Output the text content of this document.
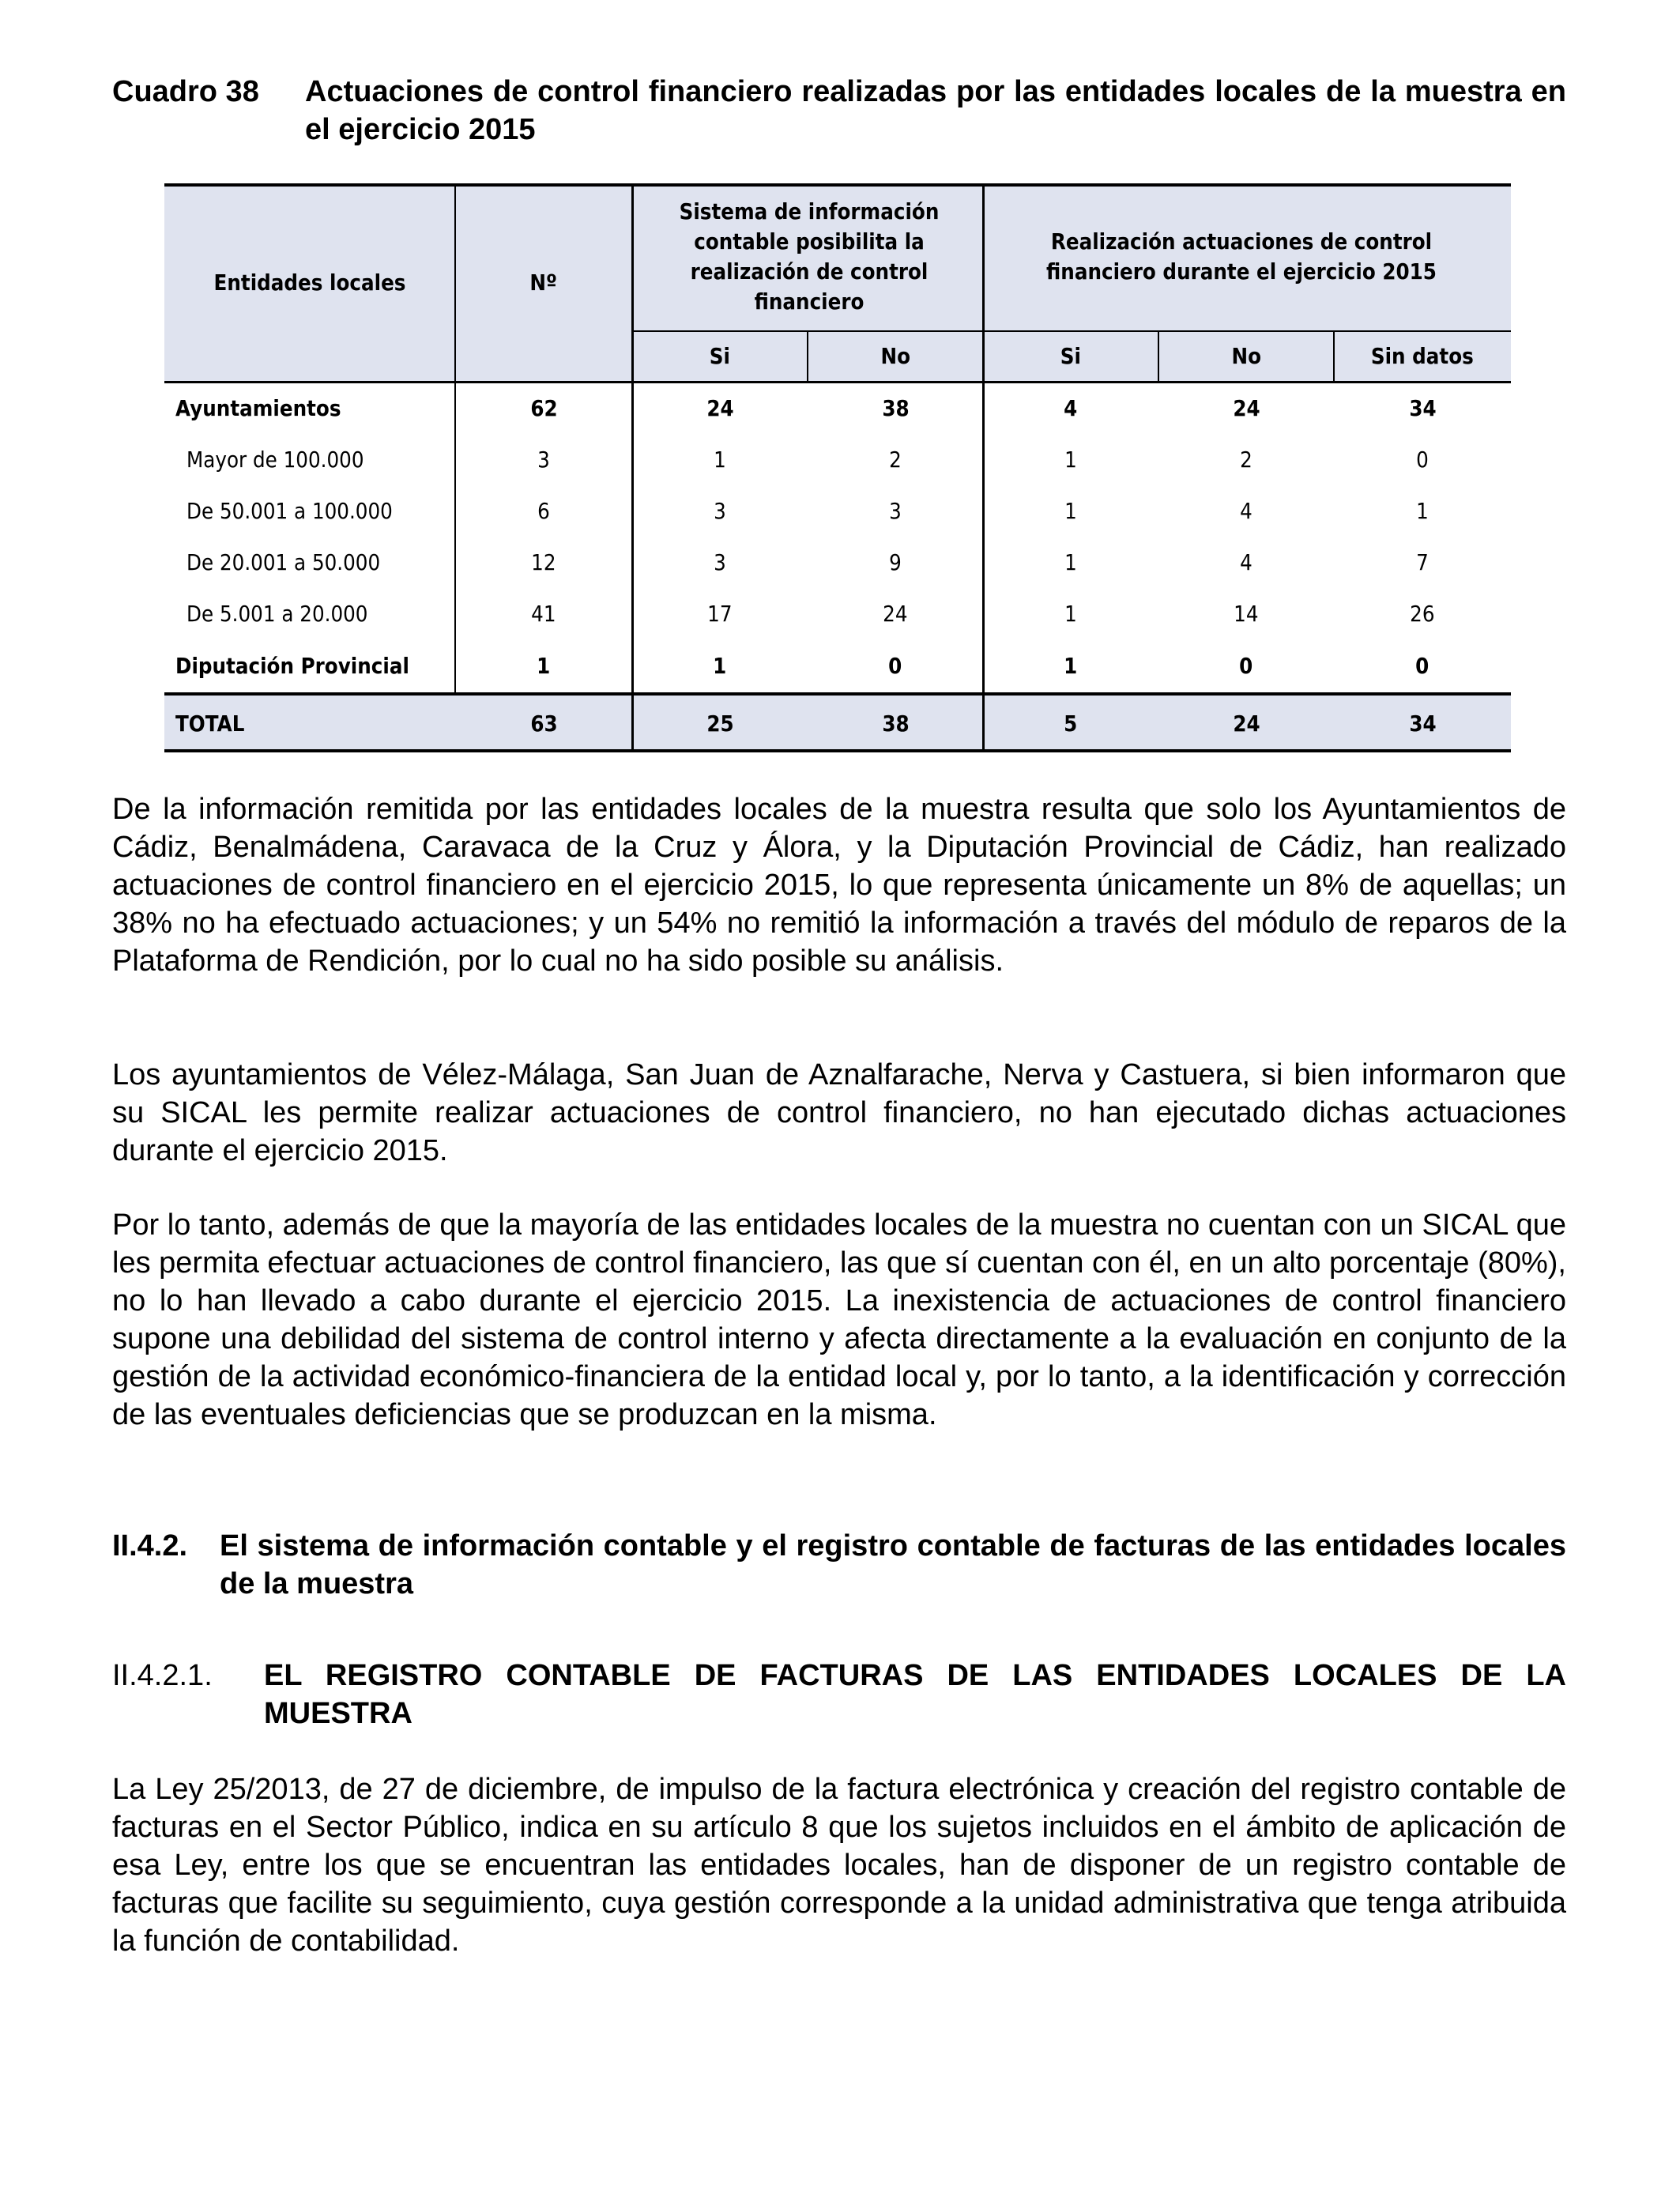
Cuadro 38 Actuaciones de control financiero realizadas por las entidades locales de la muestra en el ejercicio 2015
Entidades locales	Nº
Sistema de información contable posibilita la realización de control financiero
Realización actuaciones de control financiero durante el ejercicio 2015
Si	No	Si	No	Sin datos
Ayuntamientos	62	24	38	4	24	34
Mayor de 100.000	3	1	2	1	2	0
De 50.001 a 100.000	6	3	3	1	4	1
De 20.001 a 50.000	12	3	9	1	4	7
De 5.001 a 20.000	41	17	24	1	14	26
Diputación Provincial	1	1	0	1	0	0
TOTAL	63	25	38	5	24	34

De la información remitida por las entidades locales de la muestra resulta que solo los Ayuntamientos de Cádiz, Benalmádena, Caravaca de la Cruz y Álora, y la Diputación Provincial de Cádiz, han realizado actuaciones de control financiero en el ejercicio 2015, lo que representa únicamente un 8% de aquellas; un 38% no ha efectuado actuaciones; y un 54% no remitió la información a través del módulo de reparos de la Plataforma de Rendición, por lo cual no ha sido posible su análisis.

Los ayuntamientos de Vélez-Málaga, San Juan de Aznalfarache, Nerva y Castuera, si bien informaron que su SICAL les permite realizar actuaciones de control financiero, no han ejecutado dichas actuaciones durante el ejercicio 2015.

Por lo tanto, además de que la mayoría de las entidades locales de la muestra no cuentan con un SICAL que les permita efectuar actuaciones de control financiero, las que sí cuentan con él, en un alto porcentaje (80%), no lo han llevado a cabo durante el ejercicio 2015. La inexistencia de actuaciones de control financiero supone una debilidad del sistema de control interno y afecta directamente a la evaluación en conjunto de la gestión de la actividad económico-financiera de la entidad local y, por lo tanto, a la identificación y corrección de las eventuales deficiencias que se produzcan en la misma.

II.4.2. El sistema de información contable y el registro contable de facturas de las entidades locales de la muestra
II.4.2.1. EL REGISTRO CONTABLE DE FACTURAS DE LAS ENTIDADES LOCALES DE LA MUESTRA

La Ley 25/2013, de 27 de diciembre, de impulso de la factura electrónica y creación del registro contable de facturas en el Sector Público, indica en su artículo 8 que los sujetos incluidos en el ámbito de aplicación de esa Ley, entre los que se encuentran las entidades locales, han de disponer de un registro contable de facturas que facilite su seguimiento, cuya gestión corresponde a la unidad administrativa que tenga atribuida la función de contabilidad.
